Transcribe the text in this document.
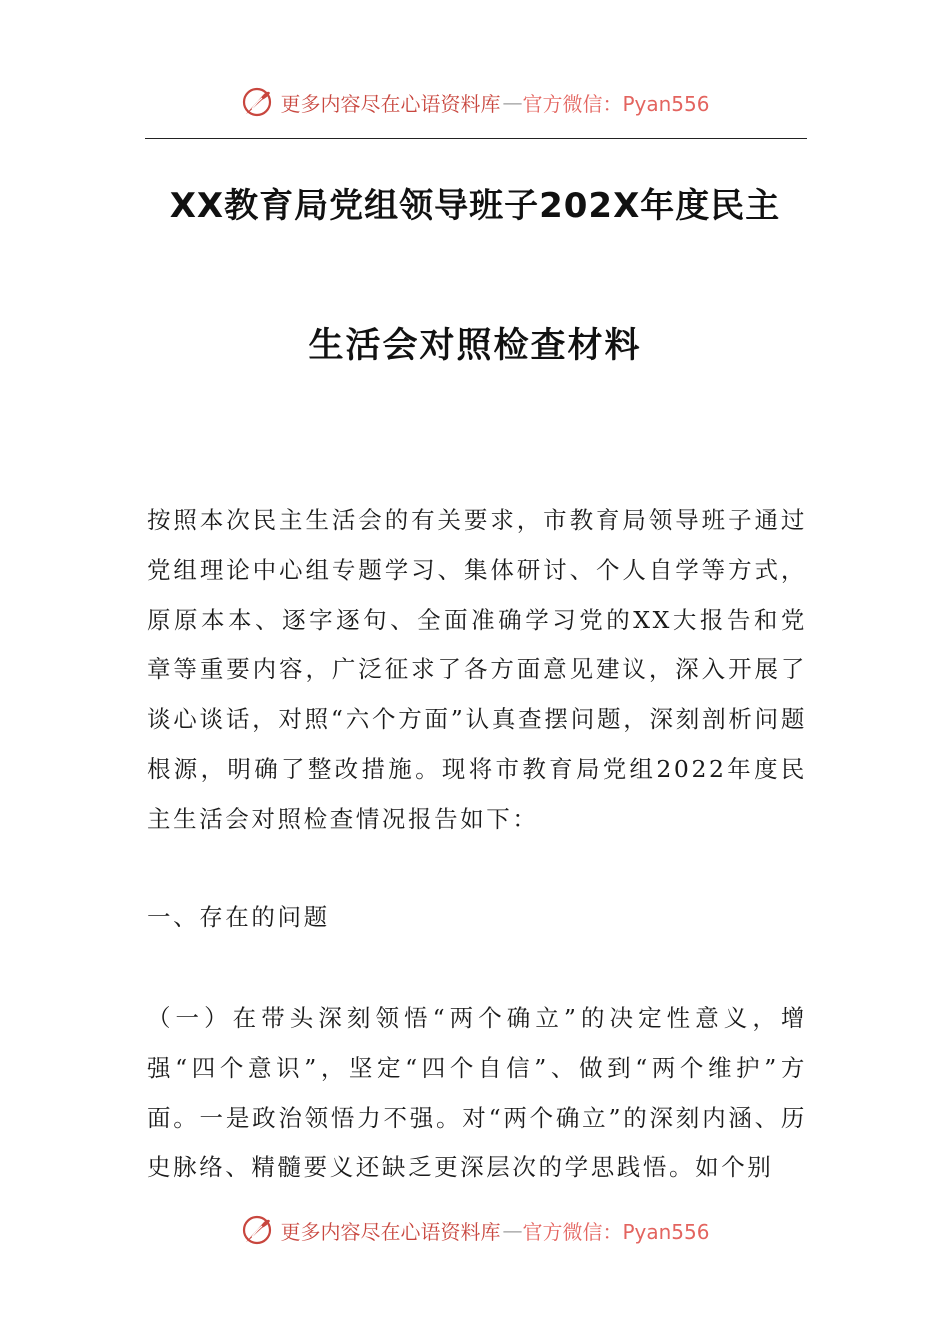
更多内容尽在心语资料库 — 官方微信：Pyan556
XX教育局党组领导班子202X年度民主
生活会对照检查材料

按照本次民主生活会的有关要求，市教育局领导班子通过党组理论中心组专题学习、集体研讨、个人自学等方式，原原本本、逐字逐句、全面准确学习党的XX大报告和党章等重要内容，广泛征求了各方面意见建议，深入开展了谈心谈话，对照“六个方面”认真查摆问题，深刻剖析问题根源，明确了整改措施。现将市教育局党组2022年度民主生活会对照检查情况报告如下：

一、存在的问题

（一）在带头深刻领悟“两个确立”的决定性意义，增强“四个意识”，坚定“四个自信”、做到“两个维护”方面。一是政治领悟力不强。对“两个确立”的深刻内涵、历史脉络、精髓要义还缺乏更深层次的学思践悟。如个别

更多内容尽在心语资料库 — 官方微信：Pyan556
